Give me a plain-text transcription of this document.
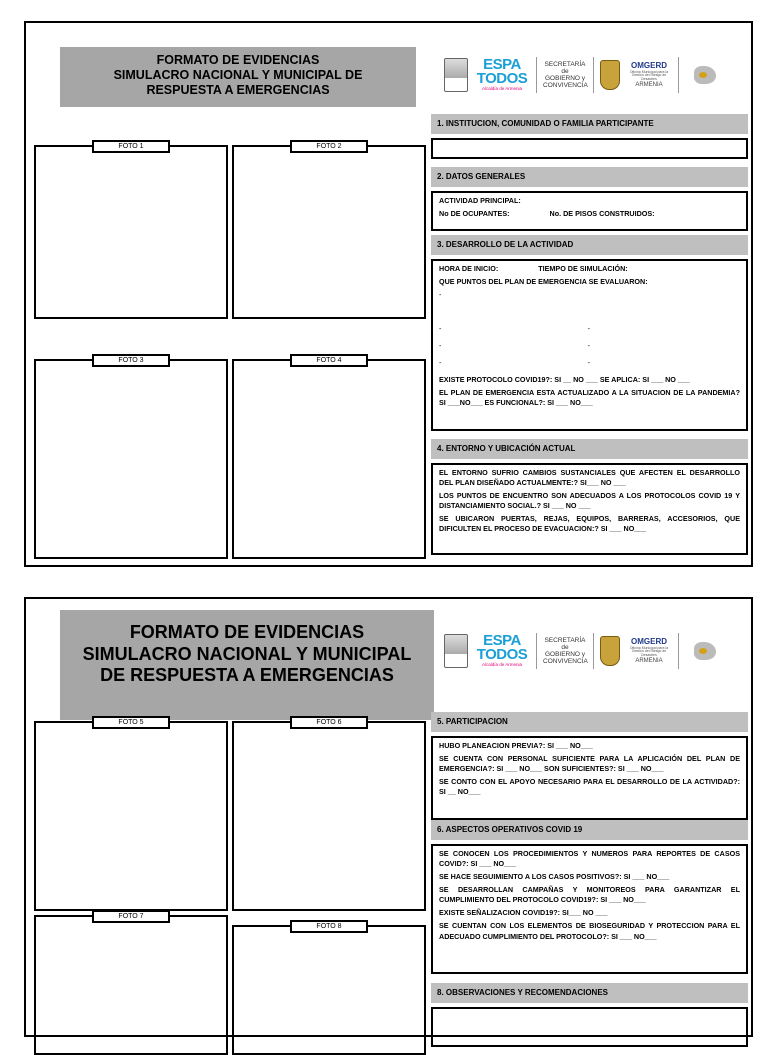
FORMATO DE EVIDENCIAS
SIMULACRO NACIONAL Y MUNICIPAL DE
RESPUESTA A EMERGENCIAS
ESPA
TODOS
Alcaldía de Armenia
SECRETARÍA de GOBIERNO y CONVIVENCIA
OMGERD
Oficina Municipal para la Gestión del Riesgo de Desastres
ARMENIA
FOTO 1	FOTO 2
FOTO 3	FOTO 4
1. INSTITUCION, COMUNIDAD O FAMILIA PARTICIPANTE
2. DATOS GENERALES

ACTIVIDAD PRINCIPAL:

No DE OCUPANTES:	No. DE PISOS CONSTRUIDOS:

3. DESARROLLO DE LA ACTIVIDAD

HORA DE INICIO:	TIEMPO DE SIMULACIÓN:

QUE PUNTOS DEL PLAN DE EMERGENCIA SE EVALUARON:

-
-	-
-	-
-	-

EXISTE PROTOCOLO COVID19?: SI __ NO ___ SE APLICA: SI ___ NO ___

EL PLAN DE EMERGENCIA ESTA ACTUALIZADO A LA SITUACION DE LA PANDEMIA? SI ___NO___ ES FUNCIONAL?: SI ___ NO___

4. ENTORNO Y UBICACIÓN ACTUAL

EL ENTORNO SUFRIO CAMBIOS SUSTANCIALES QUE AFECTEN EL DESARROLLO DEL PLAN DISEÑADO ACTUALMENTE:? SI___ NO ___

LOS PUNTOS DE ENCUENTRO SON ADECUADOS A LOS PROTOCOLOS COVID 19 Y DISTANCIAMIENTO SOCIAL.? SI ___ NO ___

SE UBICARON PUERTAS, REJAS, EQUIPOS, BARRERAS, ACCESORIOS, QUE DIFICULTEN EL PROCESO DE EVACUACION:? SI ___ NO___

FORMATO DE EVIDENCIAS
SIMULACRO NACIONAL Y MUNICIPAL
DE RESPUESTA A EMERGENCIAS
ESPA
TODOS
Alcaldía de Armenia
SECRETARÍA de GOBIERNO y CONVIVENCIA
OMGERD
Oficina Municipal para la Gestión del Riesgo de Desastres
ARMENIA
FOTO 5	FOTO 6
FOTO 7
FOTO 8
5. PARTICIPACION

HUBO PLANEACION PREVIA?: SI ___ NO___

SE CUENTA CON PERSONAL SUFICIENTE PARA LA APLICACIÓN DEL PLAN DE EMERGENCIA?: SI ___ NO___ SON SUFICIENTES?: SI ___ NO___

SE CONTO CON EL APOYO NECESARIO PARA EL DESARROLLO DE LA ACTIVIDAD?: SI __ NO___

6. ASPECTOS OPERATIVOS COVID 19

SE CONOCEN LOS PROCEDIMIENTOS Y NUMEROS PARA REPORTES DE CASOS COVID?: SI ___ NO___

SE HACE SEGUIMIENTO A LOS CASOS POSITIVOS?: SI ___ NO___

SE DESARROLLAN CAMPAÑAS Y MONITOREOS PARA GARANTIZAR EL CUMPLIMIENTO DEL PROTOCOLO COVID19?: SI ___ NO___

EXISTE SEÑALIZACION COVID19?: SI___ NO ___

SE CUENTAN CON LOS ELEMENTOS DE BIOSEGURIDAD Y PROTECCION PARA EL ADECUADO CUMPLIMIENTO DEL PROTOCOLO?: SI ___ NO___

8. OBSERVACIONES Y RECOMENDACIONES
